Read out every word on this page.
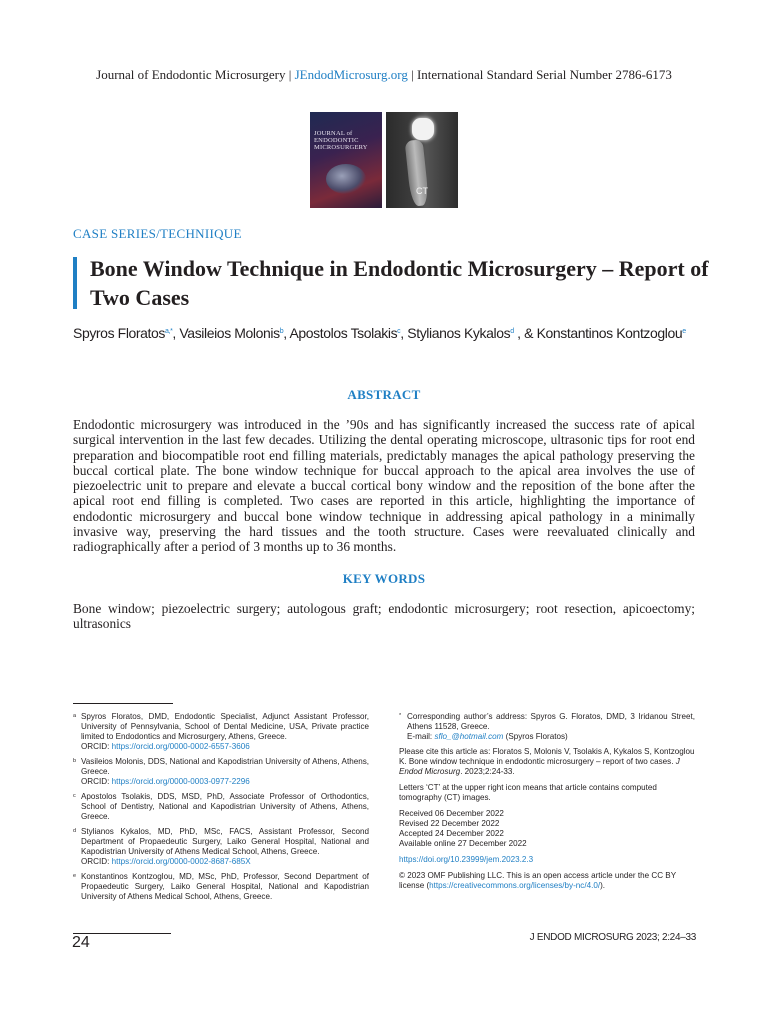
Journal of Endodontic Microsurgery | JEndodMicrosurg.org | International Standard Serial Number 2786-6173
JOURNAL of
ENDODONTIC
MICROSURGERY
CT
CASE SERIES/TECHNIIQUE
Bone Window Technique in Endodontic Microsurgery – Report of Two Cases
Spyros Floratos$^{a,*}$, Vasileios Molonis$^b$, Apostolos Tsolakis$^c$, Stylianos Kykalos$^d$ , & Konstantinos Kontzoglou$^e$
ABSTRACT
Endodontic microsurgery was introduced in the ’90s and has significantly increased the success rate of apical surgical intervention in the last few decades. Utilizing the dental operating microscope, ultrasonic tips for root end preparation and biocompatible root end filling materials, predictably manages the apical pathology preserving the buccal cortical plate. The bone window technique for buccal approach to the apical area involves the use of piezoelectric unit to prepare and elevate a buccal cortical bony window and the reposition of the bone after the apical root end filling is completed. Two cases are reported in this article, highlighting the importance of endodontic microsurgery and buccal bone window technique in addressing apical pathology in a minimally invasive way, preserving the hard tissues and the tooth structure. Cases were reevaluated clinically and radiographically after a period of 3 months up to 36 months.
KEY WORDS
Bone window; piezoelectric surgery; autologous graft; endodontic microsurgery; root resection, apicoectomy; ultrasonics
a Spyros Floratos, DMD, Endodontic Specialist, Adjunct Assistant Professor, University of Pennsylvania, School of Dental Medicine, USA, Private practice limited to Endodontics and Microsurgery, Athens, Greece.
ORCID: https://orcid.org/0000-0002-6557-3606
b Vasileios Molonis, DDS, National and Kapodistrian University of Athens, Athens, Greece.
ORCID: https://orcid.org/0000-0003-0977-2296
c Apostolos Tsolakis, DDS, MSD, PhD, Associate Professor of Orthodontics, School of Dentistry, National and Kapodistrian University of Athens, Athens, Greece.
d Stylianos Kykalos, MD, PhD, MSc, FACS, Assistant Professor, Second Department of Propaedeutic Surgery, Laiko General Hospital, National and Kapodistrian University of Athens Medical School, Athens, Greece.
ORCID: https://orcid.org/0000-0002-8687-685X
e Konstantinos Kontzoglou, MD, MSc, PhD, Professor, Second Department of Propaedeutic Surgery, Laiko General Hospital, National and Kapodistrian University of Athens Medical School, Athens, Greece.
* Corresponding author’s address: Spyros G. Floratos, DMD, 3 Iridanou Street, Athens 11528, Greece.
E-mail: sflo_@hotmail.com (Spyros Floratos)

Please cite this article as: Floratos S, Molonis V, Tsolakis A, Kykalos S, Kontzoglou K. Bone window technique in endodontic microsurgery – report of two cases. J Endod Microsurg. 2023;2:24-33.

Letters ‘CT’ at the upper right icon means that article contains computed tomography (CT) images.

Received 06 December 2022
Revised 22 December 2022
Accepted 24 December 2022
Available online 27 December 2022

https://doi.org/10.23999/jem.2023.2.3

© 2023 OMF Publishing LLC. This is an open access article under the CC BY license (https://creativecommons.org/licenses/by-nc/4.0/).

24	J ENDOD MICROSURG 2023; 2:24–33
